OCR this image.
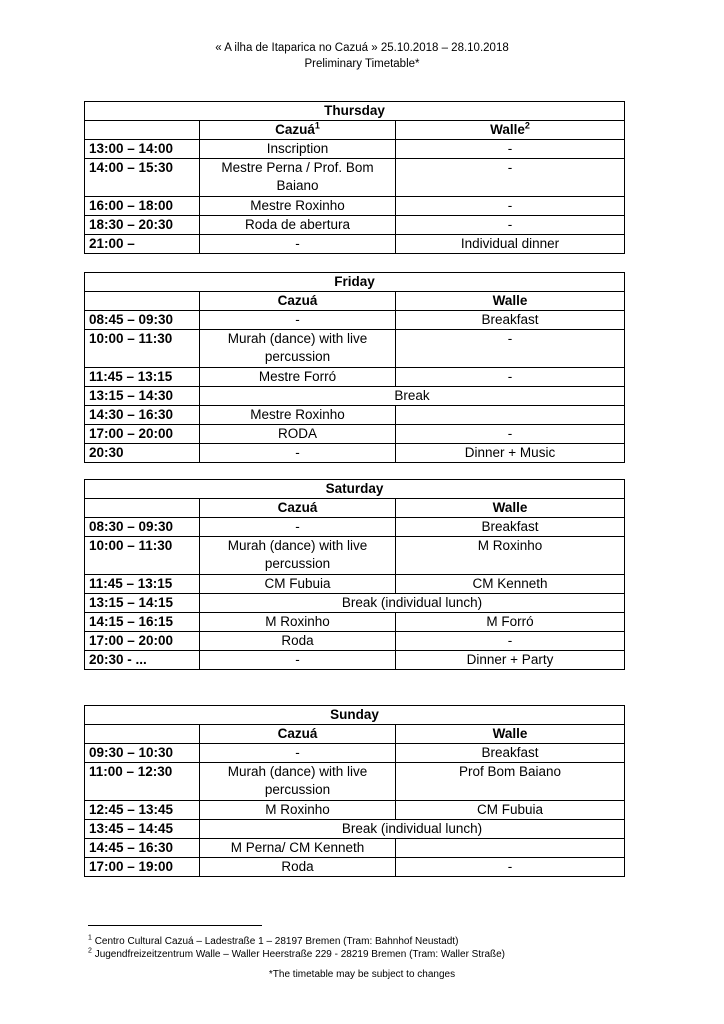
« A ilha de Itaparica no Cazuá » 25.10.2018 – 28.10.2018
Preliminary Timetable*
Thursday		
	Cazuá$^1$	Walle$^2$
13:00 – 14:00	Inscription	-
14:00 – 15:30	Mestre Perna / Prof. Bom Baiano	-
16:00 – 18:00	Mestre Roxinho	-
18:30 – 20:30	Roda de abertura	-
21:00 –	-	Individual dinner
Friday		
	Cazuá	Walle
08:45 – 09:30	-	Breakfast
10:00 – 11:30	Murah (dance) with live percussion	-
11:45 – 13:15	Mestre Forró	-
13:15 – 14:30	Break	
14:30 – 16:30	Mestre Roxinho	
17:00 – 20:00	RODA	-
20:30	-	Dinner + Music
Saturday		
	Cazuá	Walle
08:30 – 09:30	-	Breakfast
10:00 – 11:30	Murah (dance) with live percussion	M Roxinho
11:45 – 13:15	CM Fubuia	CM Kenneth
13:15 – 14:15	Break (individual lunch)	
14:15 – 16:15	M Roxinho	M Forró
17:00 – 20:00	Roda	-
20:30 - ...	-	Dinner + Party
Sunday		
	Cazuá	Walle
09:30 – 10:30	-	Breakfast
11:00 – 12:30	Murah (dance) with live percussion	Prof Bom Baiano
12:45 – 13:45	M Roxinho	CM Fubuia
13:45 – 14:45	Break (individual lunch)	
14:45 – 16:30	M Perna/ CM Kenneth	
17:00 – 19:00	Roda	-
$^1$ Centro Cultural Cazuá – Ladestraße 1 – 28197 Bremen (Tram: Bahnhof Neustadt)
$^2$ Jugendfreizeitzentrum Walle – Waller Heerstraße 229 - 28219 Bremen (Tram: Waller Straße)
*The timetable may be subject to changes
